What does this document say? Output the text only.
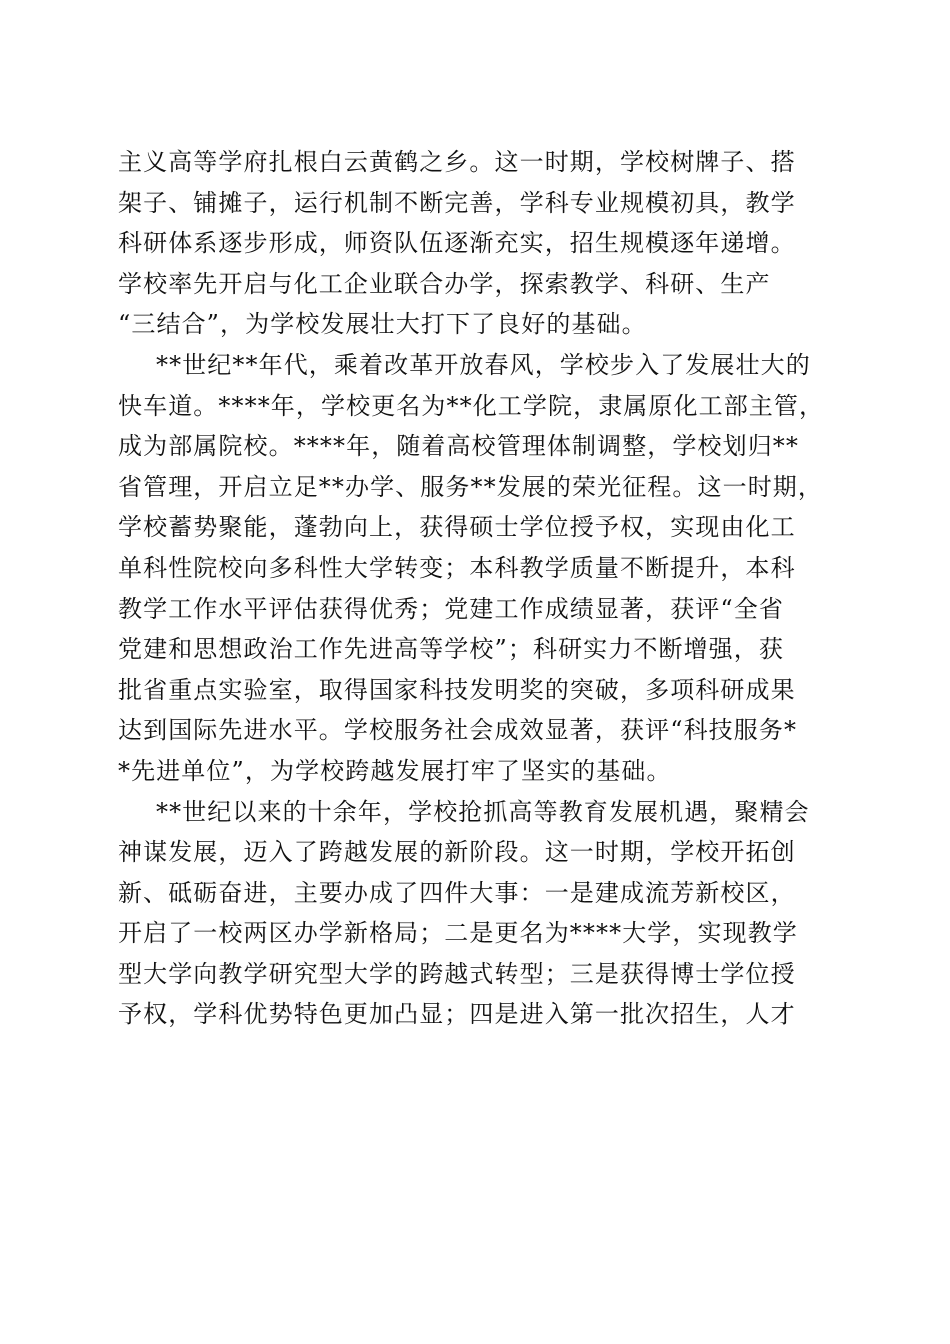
主义高等学府扎根白云黄鹤之乡。这一时期，学校树牌子、搭
架子、铺摊子，运行机制不断完善，学科专业规模初具，教学
科研体系逐步形成，师资队伍逐渐充实，招生规模逐年递增。
学校率先开启与化工企业联合办学，探索教学、科研、生产
“三结合”，为学校发展壮大打下了良好的基础。
**世纪**年代，乘着改革开放春风，学校步入了发展壮大的
快车道。****年，学校更名为**化工学院，隶属原化工部主管，
成为部属院校。****年，随着高校管理体制调整，学校划归**
省管理，开启立足**办学、服务**发展的荣光征程。这一时期，
学校蓄势聚能，蓬勃向上，获得硕士学位授予权，实现由化工
单科性院校向多科性大学转变；本科教学质量不断提升，本科
教学工作水平评估获得优秀；党建工作成绩显著，获评“全省
党建和思想政治工作先进高等学校”；科研实力不断增强，获
批省重点实验室，取得国家科技发明奖的突破，多项科研成果
达到国际先进水平。学校服务社会成效显著，获评“科技服务*
*先进单位”，为学校跨越发展打牢了坚实的基础。
**世纪以来的十余年，学校抢抓高等教育发展机遇，聚精会
神谋发展，迈入了跨越发展的新阶段。这一时期，学校开拓创
新、砥砺奋进，主要办成了四件大事：一是建成流芳新校区，
开启了一校两区办学新格局；二是更名为****大学，实现教学
型大学向教学研究型大学的跨越式转型；三是获得博士学位授
予权，学科优势特色更加凸显；四是进入第一批次招生，人才
